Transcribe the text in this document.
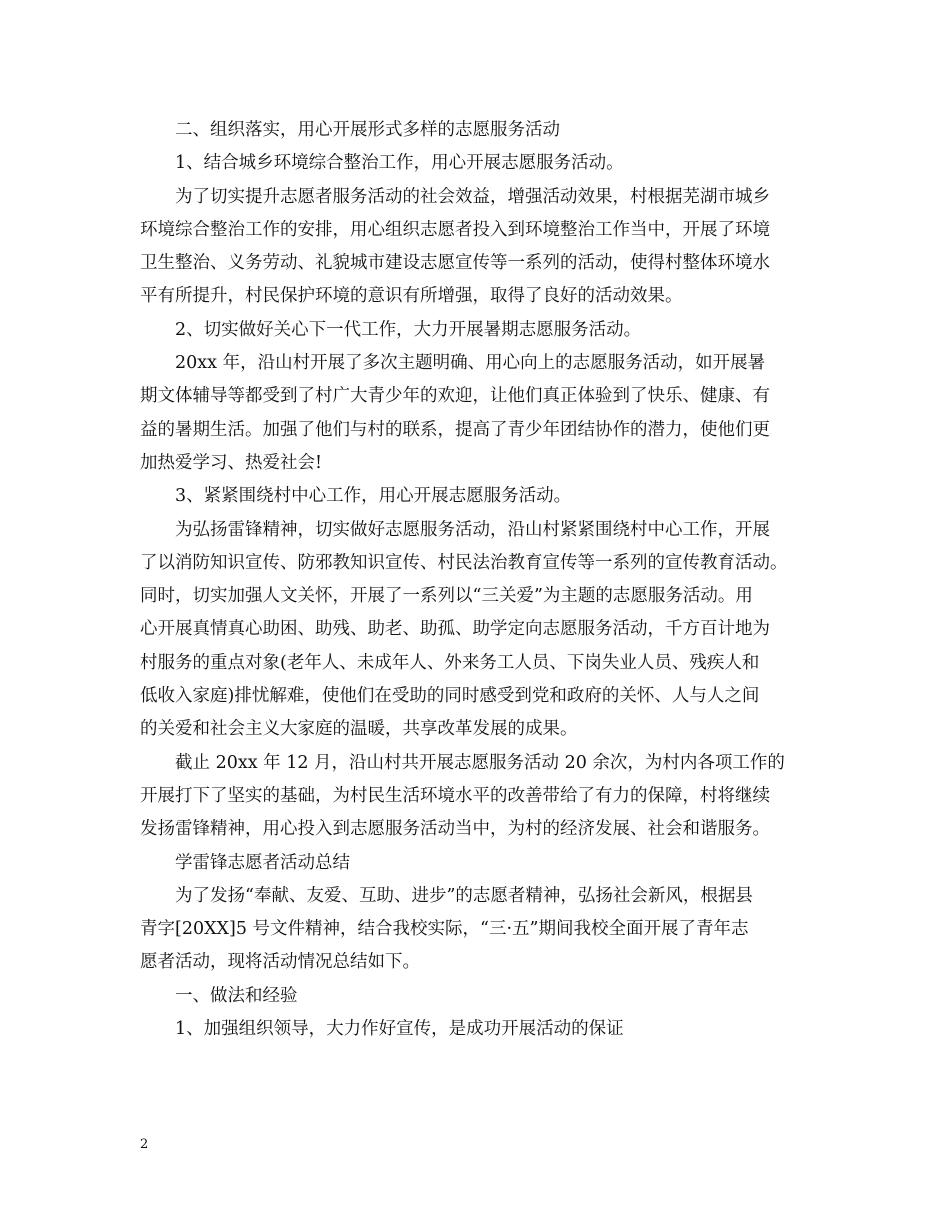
二、组织落实，用心开展形式多样的志愿服务活动

1、结合城乡环境综合整治工作，用心开展志愿服务活动。

为了切实提升志愿者服务活动的社会效益，增强活动效果，村根据芜湖市城乡
环境综合整治工作的安排，用心组织志愿者投入到环境整治工作当中，开展了环境
卫生整治、义务劳动、礼貌城市建设志愿宣传等一系列的活动，使得村整体环境水
平有所提升，村民保护环境的意识有所增强，取得了良好的活动效果。

2、切实做好关心下一代工作，大力开展暑期志愿服务活动。

20xx 年，沿山村开展了多次主题明确、用心向上的志愿服务活动，如开展暑
期文体辅导等都受到了村广大青少年的欢迎，让他们真正体验到了快乐、健康、有
益的暑期生活。加强了他们与村的联系，提高了青少年团结协作的潜力，使他们更
加热爱学习、热爱社会!

3、紧紧围绕村中心工作，用心开展志愿服务活动。

为弘扬雷锋精神，切实做好志愿服务活动，沿山村紧紧围绕村中心工作，开展
了以消防知识宣传、防邪教知识宣传、村民法治教育宣传等一系列的宣传教育活动。
同时，切实加强人文关怀，开展了一系列以“三关爱”为主题的志愿服务活动。用
心开展真情真心助困、助残、助老、助孤、助学定向志愿服务活动，千方百计地为
村服务的重点对象(老年人、未成年人、外来务工人员、下岗失业人员、残疾人和
低收入家庭)排忧解难，使他们在受助的同时感受到党和政府的关怀、人与人之间
的关爱和社会主义大家庭的温暖，共享改革发展的成果。

截止 20xx 年 12 月，沿山村共开展志愿服务活动 20 余次，为村内各项工作的
开展打下了坚实的基础，为村民生活环境水平的改善带给了有力的保障，村将继续
发扬雷锋精神，用心投入到志愿服务活动当中，为村的经济发展、社会和谐服务。

学雷锋志愿者活动总结

为了发扬“奉献、友爱、互助、进步”的志愿者精神，弘扬社会新风，根据县
青字[20XX]5 号文件精神，结合我校实际，“三·五”期间我校全面开展了青年志
愿者活动，现将活动情况总结如下。

一、做法和经验

1、加强组织领导，大力作好宣传，是成功开展活动的保证

2
